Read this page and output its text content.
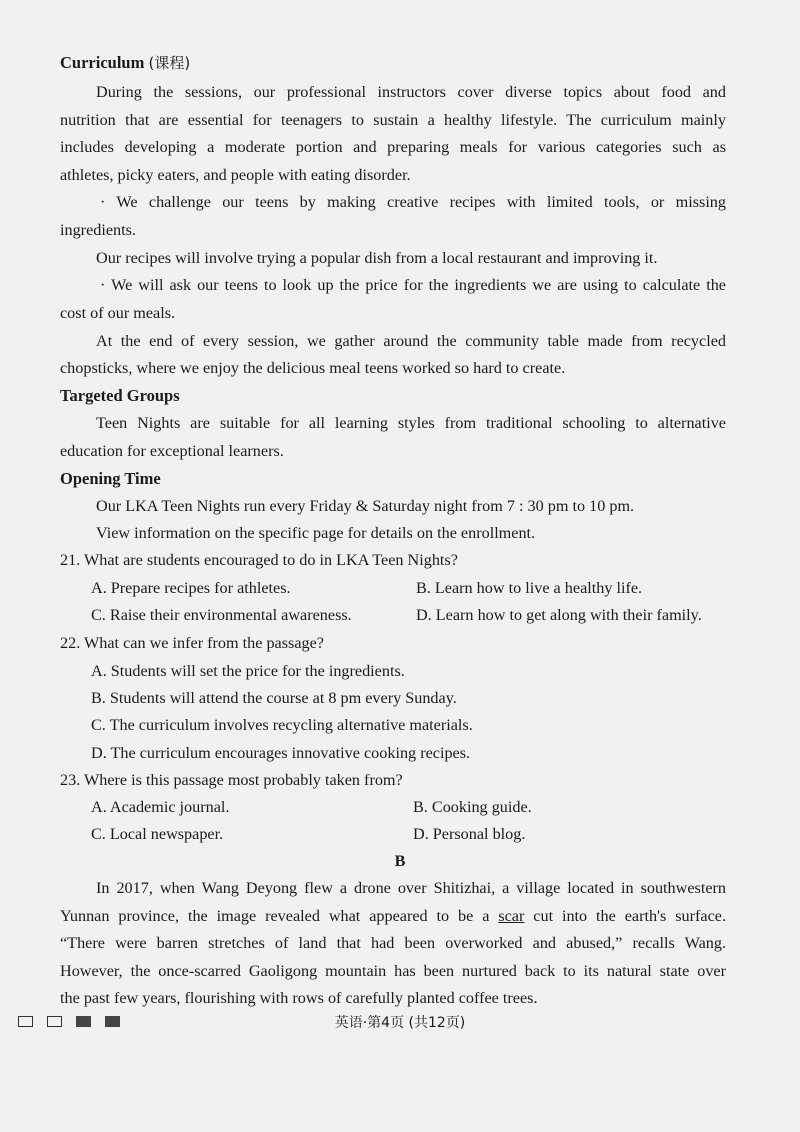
Curriculum (课程)
During the sessions, our professional instructors cover diverse topics about food and
nutrition that are essential for teenagers to sustain a healthy lifestyle. The curriculum mainly
includes developing a moderate portion and preparing meals for various categories such as
athletes, picky eaters, and people with eating disorder.
· We challenge our teens by making creative recipes with limited tools, or missing
ingredients.
Our recipes will involve trying a popular dish from a local restaurant and improving it.
· We will ask our teens to look up the price for the ingredients we are using to calculate the
cost of our meals.
At the end of every session, we gather around the community table made from recycled
chopsticks, where we enjoy the delicious meal teens worked so hard to create.
Targeted Groups
Teen Nights are suitable for all learning styles from traditional schooling to alternative
education for exceptional learners.
Opening Time
Our LKA Teen Nights run every Friday & Saturday night from 7 : 30 pm to 10 pm.
View information on the specific page for details on the enrollment.
21. What are students encouraged to do in LKA Teen Nights?
A. Prepare recipes for athletes.	B. Learn how to live a healthy life.
C. Raise their environmental awareness.	D. Learn how to get along with their family.
22. What can we infer from the passage?
A. Students will set the price for the ingredients.
B. Students will attend the course at 8 pm every Sunday.
C. The curriculum involves recycling alternative materials.
D. The curriculum encourages innovative cooking recipes.
23. Where is this passage most probably taken from?
A. Academic journal.	B. Cooking guide.
C. Local newspaper.	D. Personal blog.
B
In 2017, when Wang Deyong flew a drone over Shitizhai, a village located in southwestern
Yunnan province, the image revealed what appeared to be a scar cut into the earth's surface.
“There were barren stretches of land that had been overworked and abused,” recalls Wang.
However, the once-scarred Gaoligong mountain has been nurtured back to its natural state over
the past few years, flourishing with rows of carefully planted coffee trees.
英语·第4页 (共12页)
